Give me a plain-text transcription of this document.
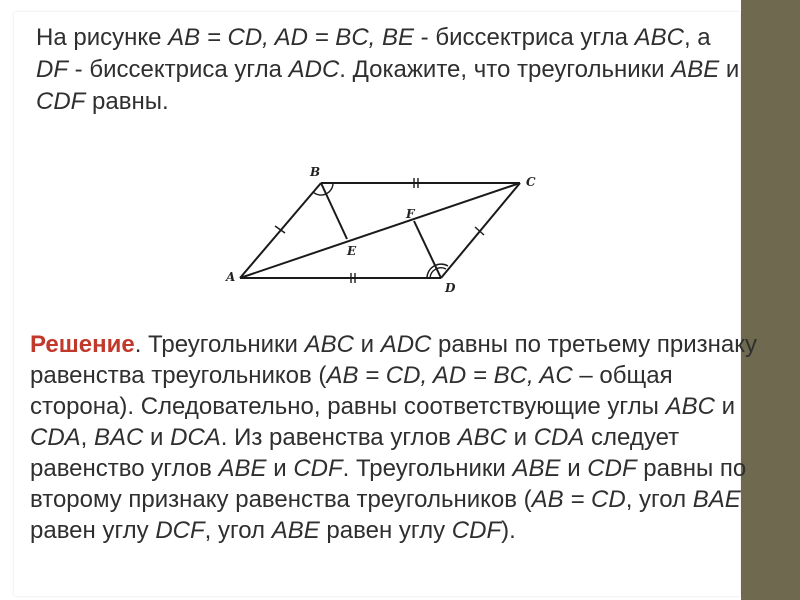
На рисунке AB = CD, AD = BC, BE - биссектриса угла ABC, а
DF - биссектриса угла ADC. Докажите, что треугольники ABE и
CDF равны.
A
B
C
D
E
F
Решение. Треугольники ABC и ADC равны по третьему признаку равенства треугольников (AB = CD, AD = BC, AC – общая сторона). Следовательно, равны соответствующие углы ABC и CDA, BAC и DCA. Из равенства углов ABC и CDA следует равенство углов ABE и CDF. Треугольники ABE и CDF равны по второму признаку равенства треугольников (AB = CD, угол BAE равен углу DCF, угол ABE равен углу CDF).
